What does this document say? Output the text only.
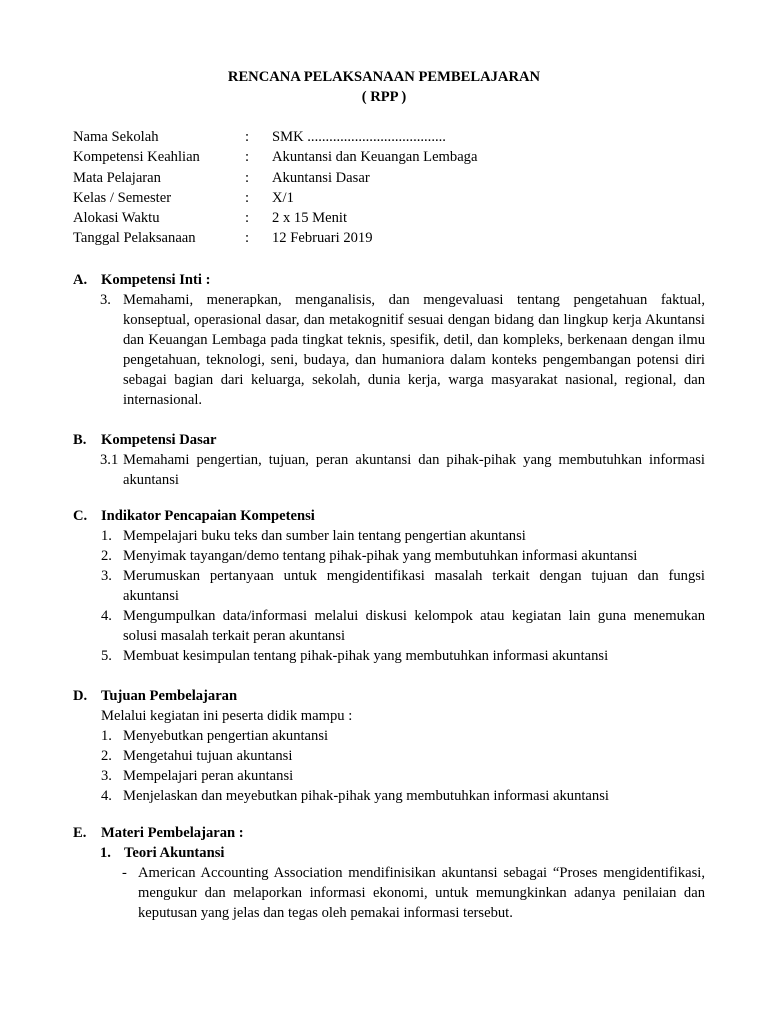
RENCANA PELAKSANAAN PEMBELAJARAN
( RPP )
Nama Sekolah	: SMK ......................................
Kompetensi Keahlian	: Akuntansi dan Keuangan Lembaga
Mata Pelajaran	: Akuntansi Dasar
Kelas / Semester	: X/1
Alokasi Waktu	: 2 x 15 Menit
Tanggal Pelaksanaan	: 12 Februari 2019
A. Kompetensi Inti :
3. Memahami, menerapkan, menganalisis, dan mengevaluasi tentang pengetahuan faktual, konseptual, operasional dasar, dan metakognitif sesuai dengan bidang dan lingkup kerja Akuntansi dan Keuangan Lembaga pada tingkat teknis, spesifik, detil, dan kompleks, berkenaan dengan ilmu pengetahuan, teknologi, seni, budaya, dan humaniora dalam konteks pengembangan potensi diri sebagai bagian dari keluarga, sekolah, dunia kerja, warga masyarakat nasional, regional, dan internasional.
B. Kompetensi Dasar
3.1 Memahami pengertian, tujuan, peran akuntansi dan pihak-pihak yang membutuhkan informasi akuntansi
C. Indikator Pencapaian Kompetensi
1. Mempelajari buku teks dan sumber lain tentang pengertian akuntansi
2. Menyimak tayangan/demo tentang pihak-pihak yang membutuhkan informasi akuntansi
3. Merumuskan pertanyaan untuk mengidentifikasi masalah terkait dengan tujuan dan fungsi akuntansi
4. Mengumpulkan data/informasi melalui diskusi kelompok atau kegiatan lain guna menemukan solusi masalah terkait peran akuntansi
5. Membuat kesimpulan tentang pihak-pihak yang membutuhkan informasi akuntansi
D. Tujuan Pembelajaran
Melalui kegiatan ini peserta didik mampu :
1. Menyebutkan pengertian akuntansi
2. Mengetahui tujuan akuntansi
3. Mempelajari peran akuntansi
4. Menjelaskan dan meyebutkan pihak-pihak yang membutuhkan informasi akuntansi
E. Materi Pembelajaran :
1. Teori Akuntansi
- American Accounting Association mendifinisikan akuntansi sebagai “Proses mengidentifikasi, mengukur dan melaporkan informasi ekonomi, untuk memungkinkan adanya penilaian dan keputusan yang jelas dan tegas oleh pemakai informasi tersebut.
